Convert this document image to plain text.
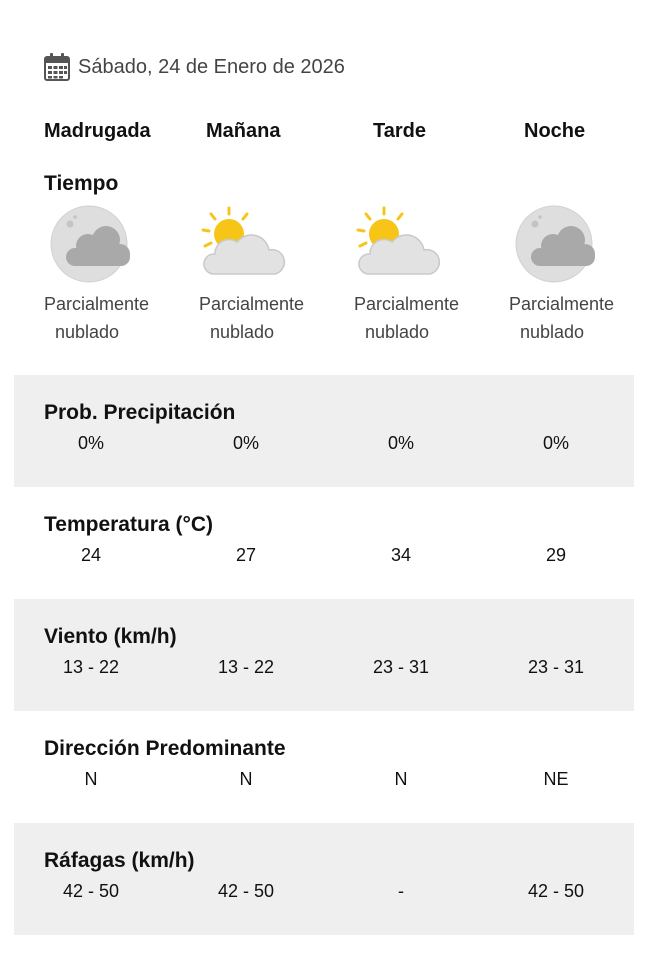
Sábado, 24 de Enero de 2026
Madrugada	Mañana	Tarde	Noche
Tiempo
Parcialmente
nublado
Parcialmente
nublado
Parcialmente
nublado
Parcialmente
nublado
Prob. Precipitación
0%	0%	0%	0%
Temperatura (°C)
24	27	34	29
Viento (km/h)
13 - 22	13 - 22	23 - 31	23 - 31
Dirección Predominante
N	N	N	NE
Ráfagas (km/h)
42 - 50	42 - 50	-	42 - 50
